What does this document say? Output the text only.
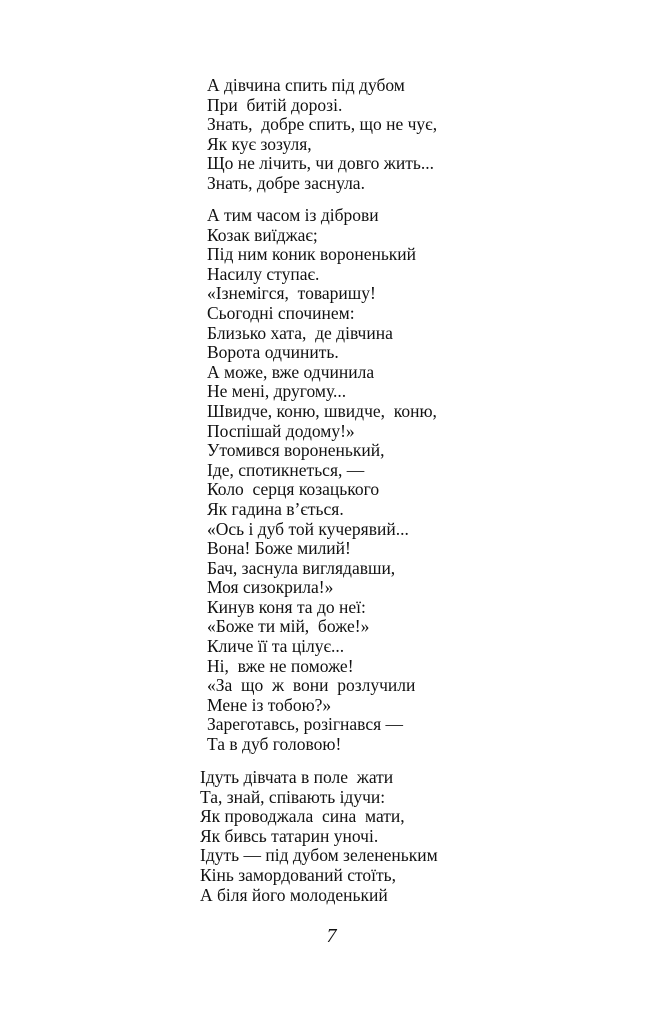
А дівчина спить під дубом
При  битій дорозі.
Знать,  добре спить, що не чує,
Як кує зозуля,
Що не лічить, чи довго жить...
Знать, добре заснула.
А тим часом із діброви
Козак виїджає;
Під ним коник вороненький
Насилу ступає.
«Ізнемігся,  товаришу!
Сьогодні спочинем:
Близько хата,  де дівчина
Ворота одчинить.
А може, вже одчинила
Не мені, другому...
Швидче, коню, швидче,  коню,
Поспішай додому!»
Утомився вороненький,
Іде, спотикнеться, —
Коло  серця козацького
Як гадина в’ється.
«Ось і дуб той кучерявий...
Вона! Боже милий!
Бач, заснула виглядавши,
Моя сизокрила!»
Кинув коня та до неї:
«Боже ти мій,  боже!»
Кличе її та цілує...
Ні,  вже не поможе!
«За  що  ж  вони  розлучили
Мене із тобою?»
Зареготавсь, розігнався —
Та в дуб головою!
Ідуть дівчата в поле  жати
Та, знай, співають ідучи:
Як проводжала  сина  мати,
Як бивсь татарин уночі.
Ідуть — під дубом зелененьким
Кінь замордований стоїть,
А біля його молоденький
7
